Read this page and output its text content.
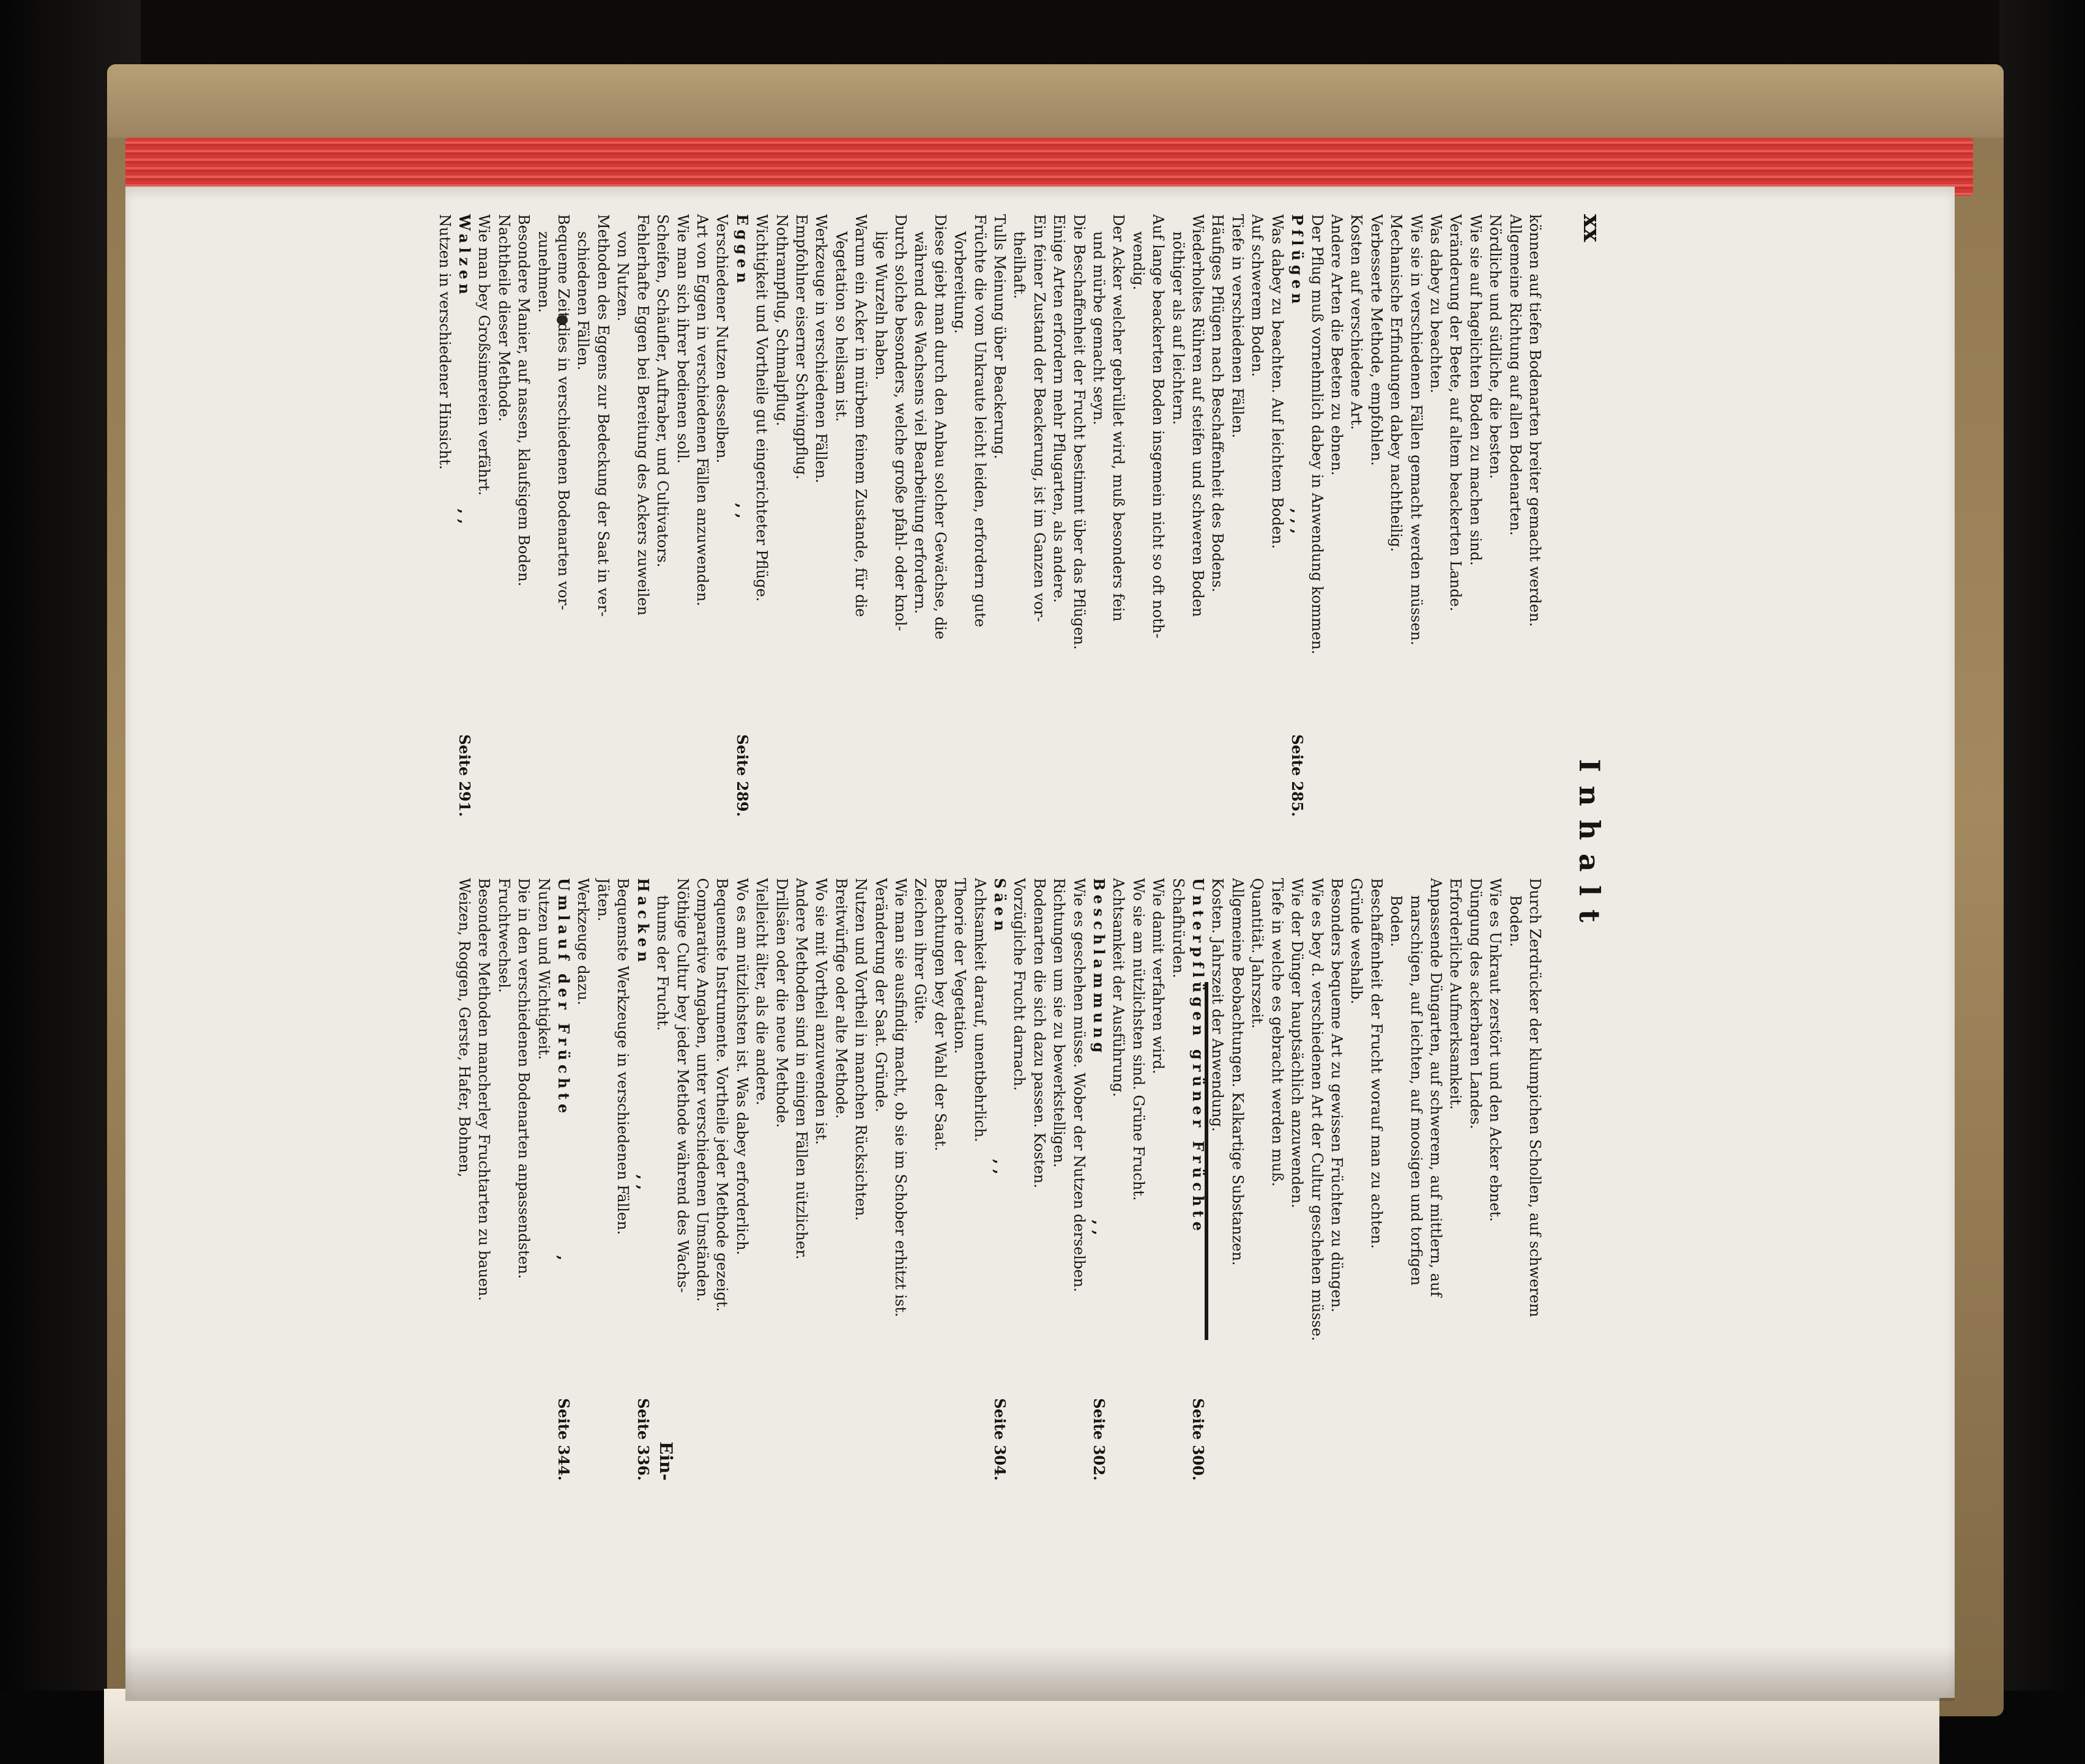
xx
Inhalt
können auf tiefen Bodenarten breiter gemacht werden.
Allgemeine Richtung auf allen Bodenarten.
Nördliche und südliche, die besten.
Wie sie auf hagelichten Boden zu machen sind.
Veränderung der Beete, auf altem beackerten Lande.
Was dabey zu beachten.
Wie sie in verschiedenen Fällen gemacht werden müssen.
Mechanische Erfindungen dabey nachtheilig.
Verbesserte Methode, empfohlen.
Kosten auf verschiedene Art.
Andere Arten die Beeten zu ebnen.
Der Pflug muß vornehmlich dabey in Anwendung kommen.
Pflügen
, , ,
Seite 285.
Was dabey zu beachten. Auf leichtem Boden.
Auf schwerem Boden.
Tiefe in verschiedenen Fällen.
Häufiges Pflügen nach Beschaffenheit des Bodens.
Wiederholtes Rühren auf steifen und schweren Boden
nöthiger als auf leichtern.
Auf lange beackerten Boden insgemein nicht so oft noth-
wendig.
Der Acker welcher gebrüllet wird, muß besonders fein
und mürbe gemacht seyn.
Die Beschaffenheit der Frucht bestimmt über das Pflügen.
Einige Arten erfordern mehr Pflugarten, als andere.
Ein feiner Zustand der Beackerung, ist im Ganzen vor-
theilhaft.
Tulls Meinung über Beackerung.
Früchte die vom Unkraute leicht leiden, erfordern gute
Vorbereitung.
Diese giebt man durch den Anbau solcher Gewächse, die
während des Wachsens viel Bearbeitung erfordern.
Durch solche besonders, welche große pfahl- oder knol-
lige Wurzeln haben.
Warum ein Acker in mürbem feinem Zustande, für die
Vegetation so heilsam ist.
Werkzeuge in verschiedenen Fällen.
Empfohlner eiserner Schwingpflug.
Nothrampflug, Schmalpflug.
Wichtigkeit und Vortheile gut eingerichteter Pflüge.
Eggen
, ,
Seite 289.
Verschiedener Nutzen desselben.
Art von Eggen in verschiedenen Fällen anzuwenden.
Wie man sich ihrer bedienen soll.
Scheifen, Schäufler, Auftraber, und Cultivators.
Fehlerhafte Eggen bei Bereitung des Ackers zuweilen
von Nutzen.
Methoden des Eggens zur Bedeckung der Saat in ver-
schiedenen Fällen.
Bequeme Zeit dies in verschiedenen Bodenarten vor-
zunehmen.
Besondere Manier, auf nassen, klaufsigem Boden.
Nachtheile dieser Methode.
Wie man bey Großsimereien verfährt.
Walzen
, ,
Seite 291.
Nutzen in verschiedener Hinsicht.
Durch Zerdrücker der klumpichen Schollen, auf schwerem
Boden.
Wie es Unkraut zerstört und den Acker ebnet.
Düngung des ackerbaren Landes.
Erforderliche Aufmerksamkeit.
Anpassende Düngarten, auf schwerem, auf mittlern, auf
marschigen, auf leichten, auf moosigen und torfigen
Boden.
Beschaffenheit der Frucht worauf man zu achten.
Gründe weshalb.
Besonders bequeme Art zu gewissen Früchten zu düngen.
Wie es bey d. verschiedenen Art der Cultur geschehen müsse.
Wie der Dünger hauptsächlich anzuwenden.
Tiefe in welche es gebracht werden muß.
Quantität. Jahrszeit.
Allgemeine Beobachtungen. Kalkartige Substanzen.
Kosten. Jahrszeit der Anwendung.
Unterpflügen grüner Früchte
Seite 300.
Schafhürden.
Wie damit verfahren wird.
Wo sie am nützlichsten sind. Grüne Frucht.
Achtsamkeit der Ausführung.
Beschlammung
, ,
Seite 302.
Wie es geschehen müsse. Wober der Nutzen derselben.
Richtungen um sie zu bewerkstelligen.
Bodenarten die sich dazu passen. Kosten.
Vorzügliche Frucht darnach.
Säen
, ,
Seite 304.
Achtsamkeit darauf, unentbehrlich.
Theorie der Vegetation.
Beachtungen bey der Wahl der Saat.
Zeichen ihrer Güte.
Wie man sie ausfindig macht, ob sie im Schober erhitzt ist.
Veränderung der Saat. Gründe.
Nutzen und Vortheil in manchen Rücksichten.
Breitwürfige oder alte Methode.
Wo sie mit Vortheil anzuwenden ist.
Andere Methoden sind in einigen Fällen nützlicher.
Drillsäen oder die neue Methode.
Vielleicht älter, als die andere.
Wo es am nützlichsten ist. Was dabey erforderlich.
Bequemste Instrumente. Vortheile jeder Methode gezeigt.
Comparative Angaben, unter verschiedenen Umständen.
Nöthige Cultur bey jeder Methode während des Wachs-
thums der Frucht.
Hacken
, ,
Seite 336.
Bequemste Werkzeuge in verschiedenen Fällen.
Jäten.
Werkzeuge dazu.
Umlauf der Früchte
,
Seite 344.
Nutzen und Wichtigkeit.
Die in den verschiedenen Bodenarten anpassendsten.
Fruchtwechsel.
Besondere Methoden mancherley Fruchtarten zu bauen.
Weizen, Roggen, Gerste, Hafer, Bohnen,
Ein‑
